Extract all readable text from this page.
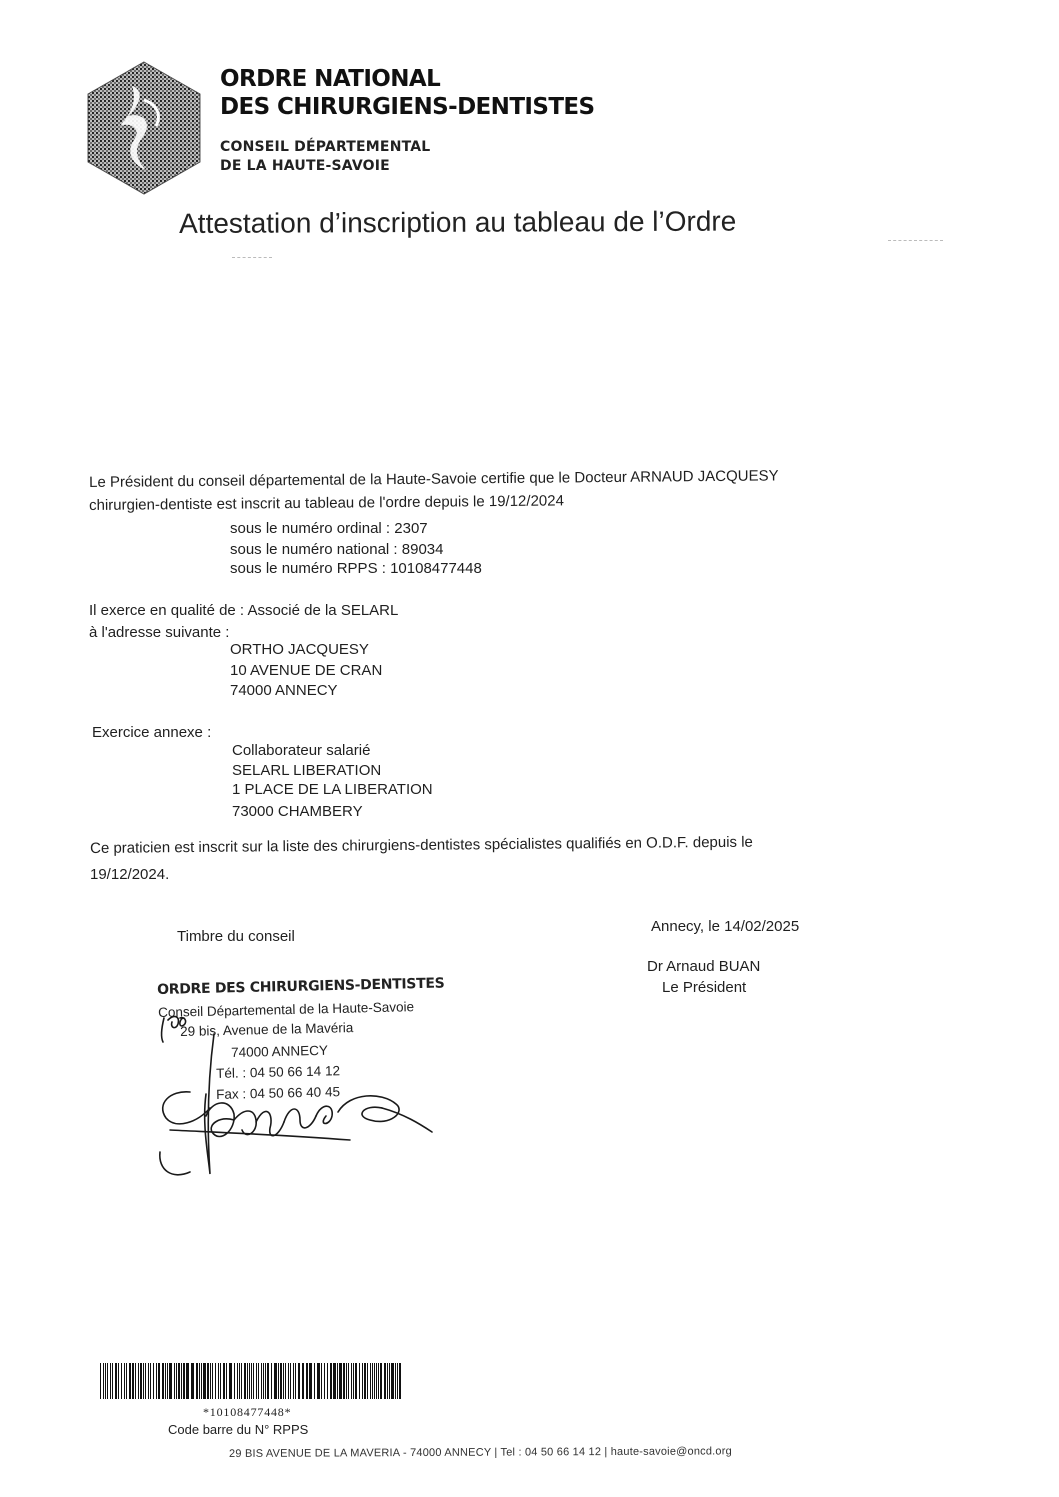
ORDRE NATIONAL
DES CHIRURGIENS-DENTISTES
CONSEIL DÉPARTEMENTAL
DE LA HAUTE-SAVOIE
Attestation d’inscription au tableau de l’Ordre
Le Président du conseil départemental de la Haute-Savoie certifie que le Docteur ARNAUD JACQUESY
chirurgien-dentiste est inscrit au tableau de l'ordre depuis le 19/12/2024
sous le numéro ordinal : 2307
sous le numéro national : 89034
sous le numéro RPPS : 10108477448
Il exerce en qualité de : Associé de la SELARL
à l'adresse suivante :
ORTHO JACQUESY
10 AVENUE DE CRAN
74000 ANNECY
Exercice annexe :
Collaborateur salarié
SELARL LIBERATION
1 PLACE DE LA LIBERATION
73000 CHAMBERY
Ce praticien est inscrit sur la liste des chirurgiens-dentistes spécialistes qualifiés en O.D.F. depuis le
19/12/2024.
Timbre du conseil
Annecy, le 14/02/2025
Dr Arnaud BUAN
Le Président
ORDRE DES CHIRURGIENS-DENTISTES
Conseil Départemental de la Haute-Savoie
29 bis, Avenue de la Mavéria
74000 ANNECY
Tél. : 04 50 66 14 12
Fax : 04 50 66 40 45
*10108477448*
Code barre du N° RPPS
29 BIS AVENUE DE LA MAVERIA - 74000 ANNECY | Tel : 04 50 66 14 12 | haute-savoie@oncd.org
